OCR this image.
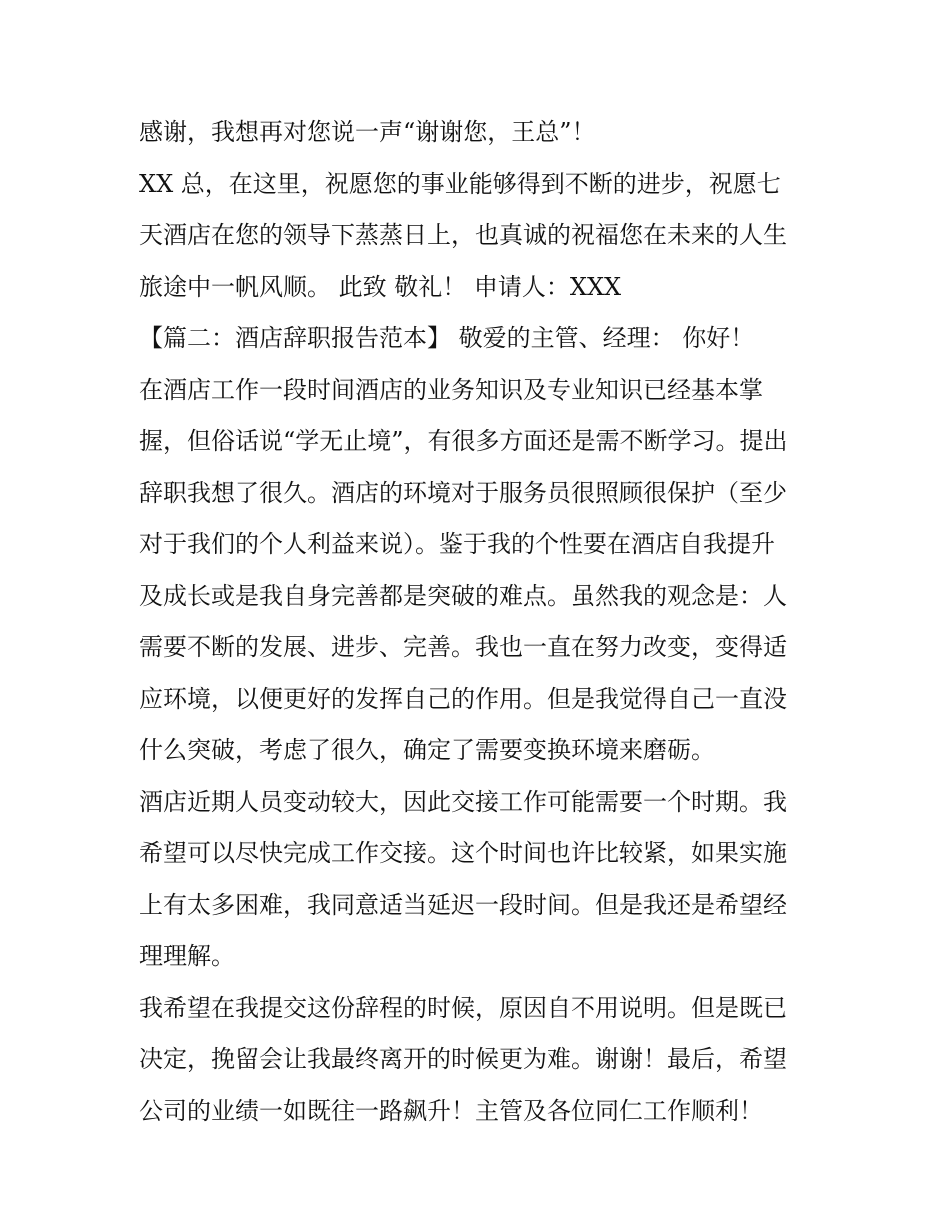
感谢，我想再对您说一声“谢谢您，王总”！
XX 总，在这里，祝愿您的事业能够得到不断的进步，祝愿七
天酒店在您的领导下蒸蒸日上，也真诚的祝福您在未来的人生
旅途中一帆风顺。 此致 敬礼！ 申请人：XXX
【篇二：酒店辞职报告范本】 敬爱的主管、经理： 你好！
在酒店工作一段时间酒店的业务知识及专业知识已经基本掌
握，但俗话说“学无止境”，有很多方面还是需不断学习。提出
辞职我想了很久。酒店的环境对于服务员很照顾很保护（至少
对于我们的个人利益来说）。鉴于我的个性要在酒店自我提升
及成长或是我自身完善都是突破的难点。虽然我的观念是：人
需要不断的发展、进步、完善。我也一直在努力改变，变得适
应环境，以便更好的发挥自己的作用。但是我觉得自己一直没
什么突破，考虑了很久，确定了需要变换环境来磨砺。
酒店近期人员变动较大，因此交接工作可能需要一个时期。我
希望可以尽快完成工作交接。这个时间也许比较紧，如果实施
上有太多困难，我同意适当延迟一段时间。但是我还是希望经
理理解。
我希望在我提交这份辞程的时候，原因自不用说明。但是既已
决定，挽留会让我最终离开的时候更为难。谢谢！最后，希望
公司的业绩一如既往一路飙升！主管及各位同仁工作顺利！
